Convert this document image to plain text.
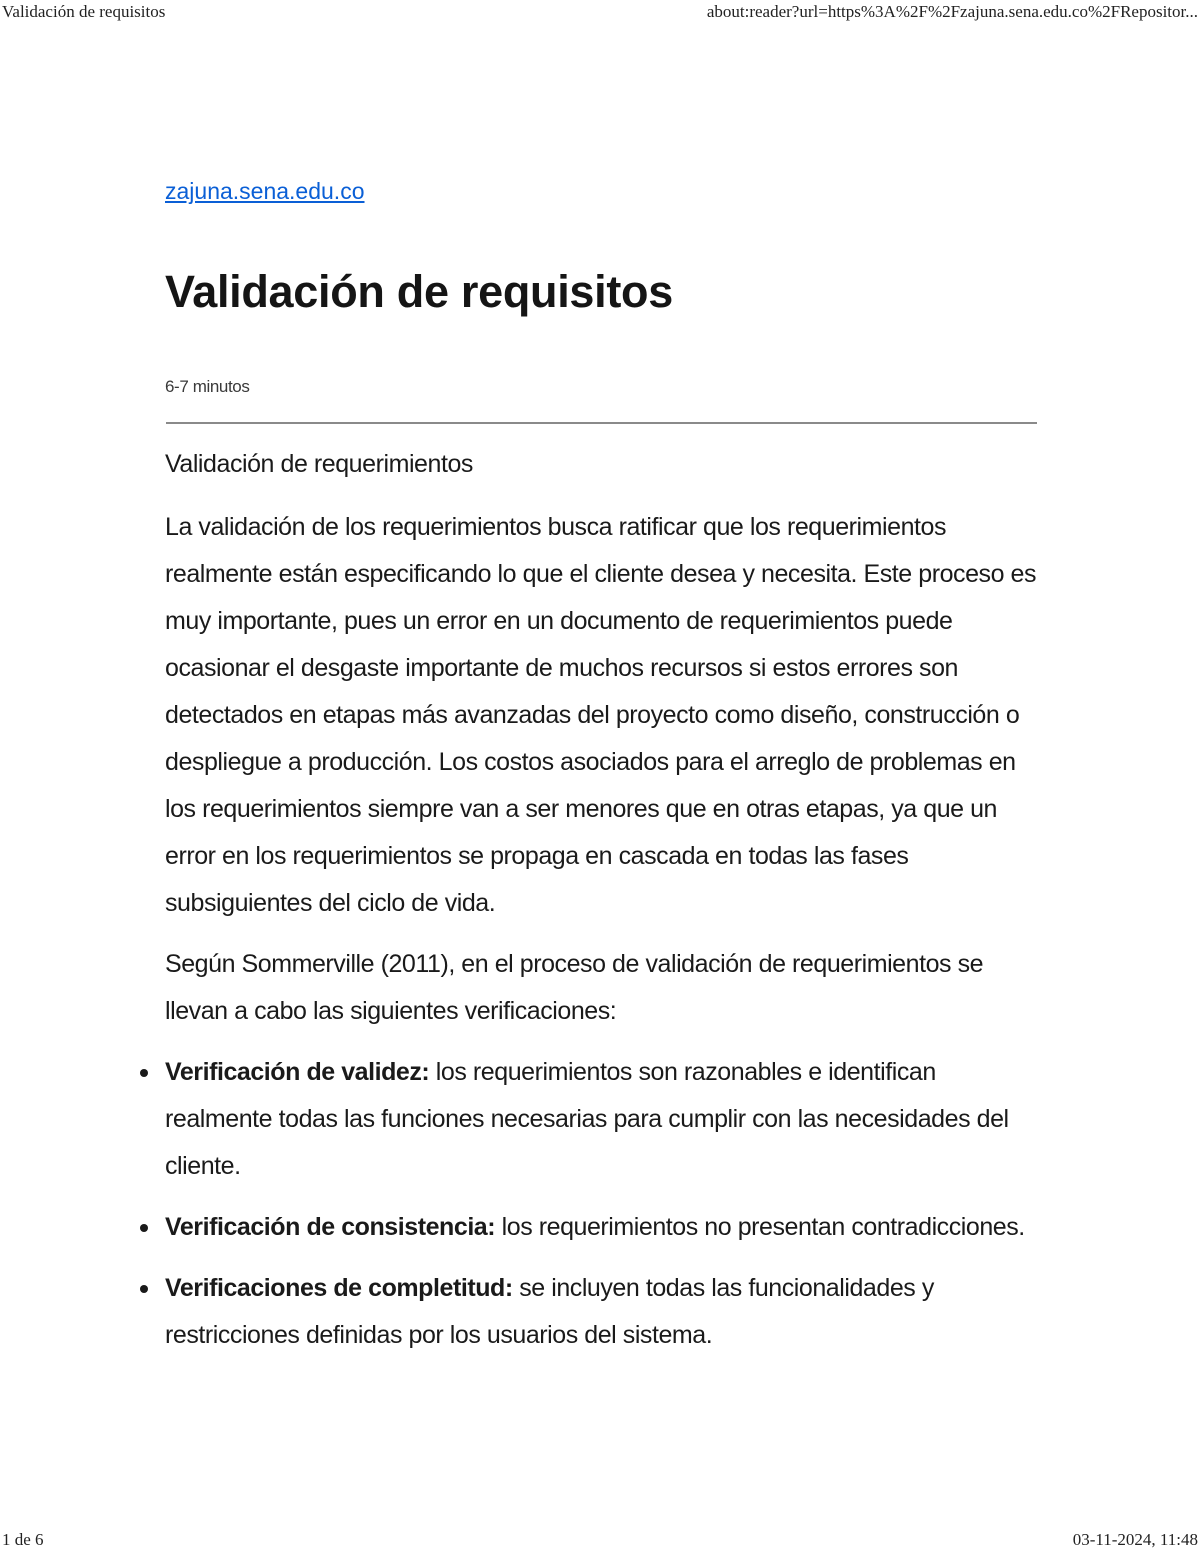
Validación de requisitos	about:reader?url=https%3A%2F%2Fzajuna.sena.edu.co%2FRepositor...
zajuna.sena.edu.co
Validación de requisitos
6-7 minutos
Validación de requerimientos

La validación de los requerimientos busca ratificar que los requerimientos realmente están especificando lo que el cliente desea y necesita. Este proceso es muy importante, pues un error en un documento de requerimientos puede ocasionar el desgaste importante de muchos recursos si estos errores son detectados en etapas más avanzadas del proyecto como diseño, construcción o despliegue a producción. Los costos asociados para el arreglo de problemas en los requerimientos siempre van a ser menores que en otras etapas, ya que un error en los requerimientos se propaga en cascada en todas las fases subsiguientes del ciclo de vida.

Según Sommerville (2011), en el proceso de validación de requerimientos se llevan a cabo las siguientes verificaciones:

Verificación de validez: los requerimientos son razonables e identifican realmente todas las funciones necesarias para cumplir con las necesidades del cliente.
Verificación de consistencia: los requerimientos no presentan contradicciones.
Verificaciones de completitud: se incluyen todas las funcionalidades y restricciones definidas por los usuarios del sistema.
1 de 6	03-11-2024, 11:48
